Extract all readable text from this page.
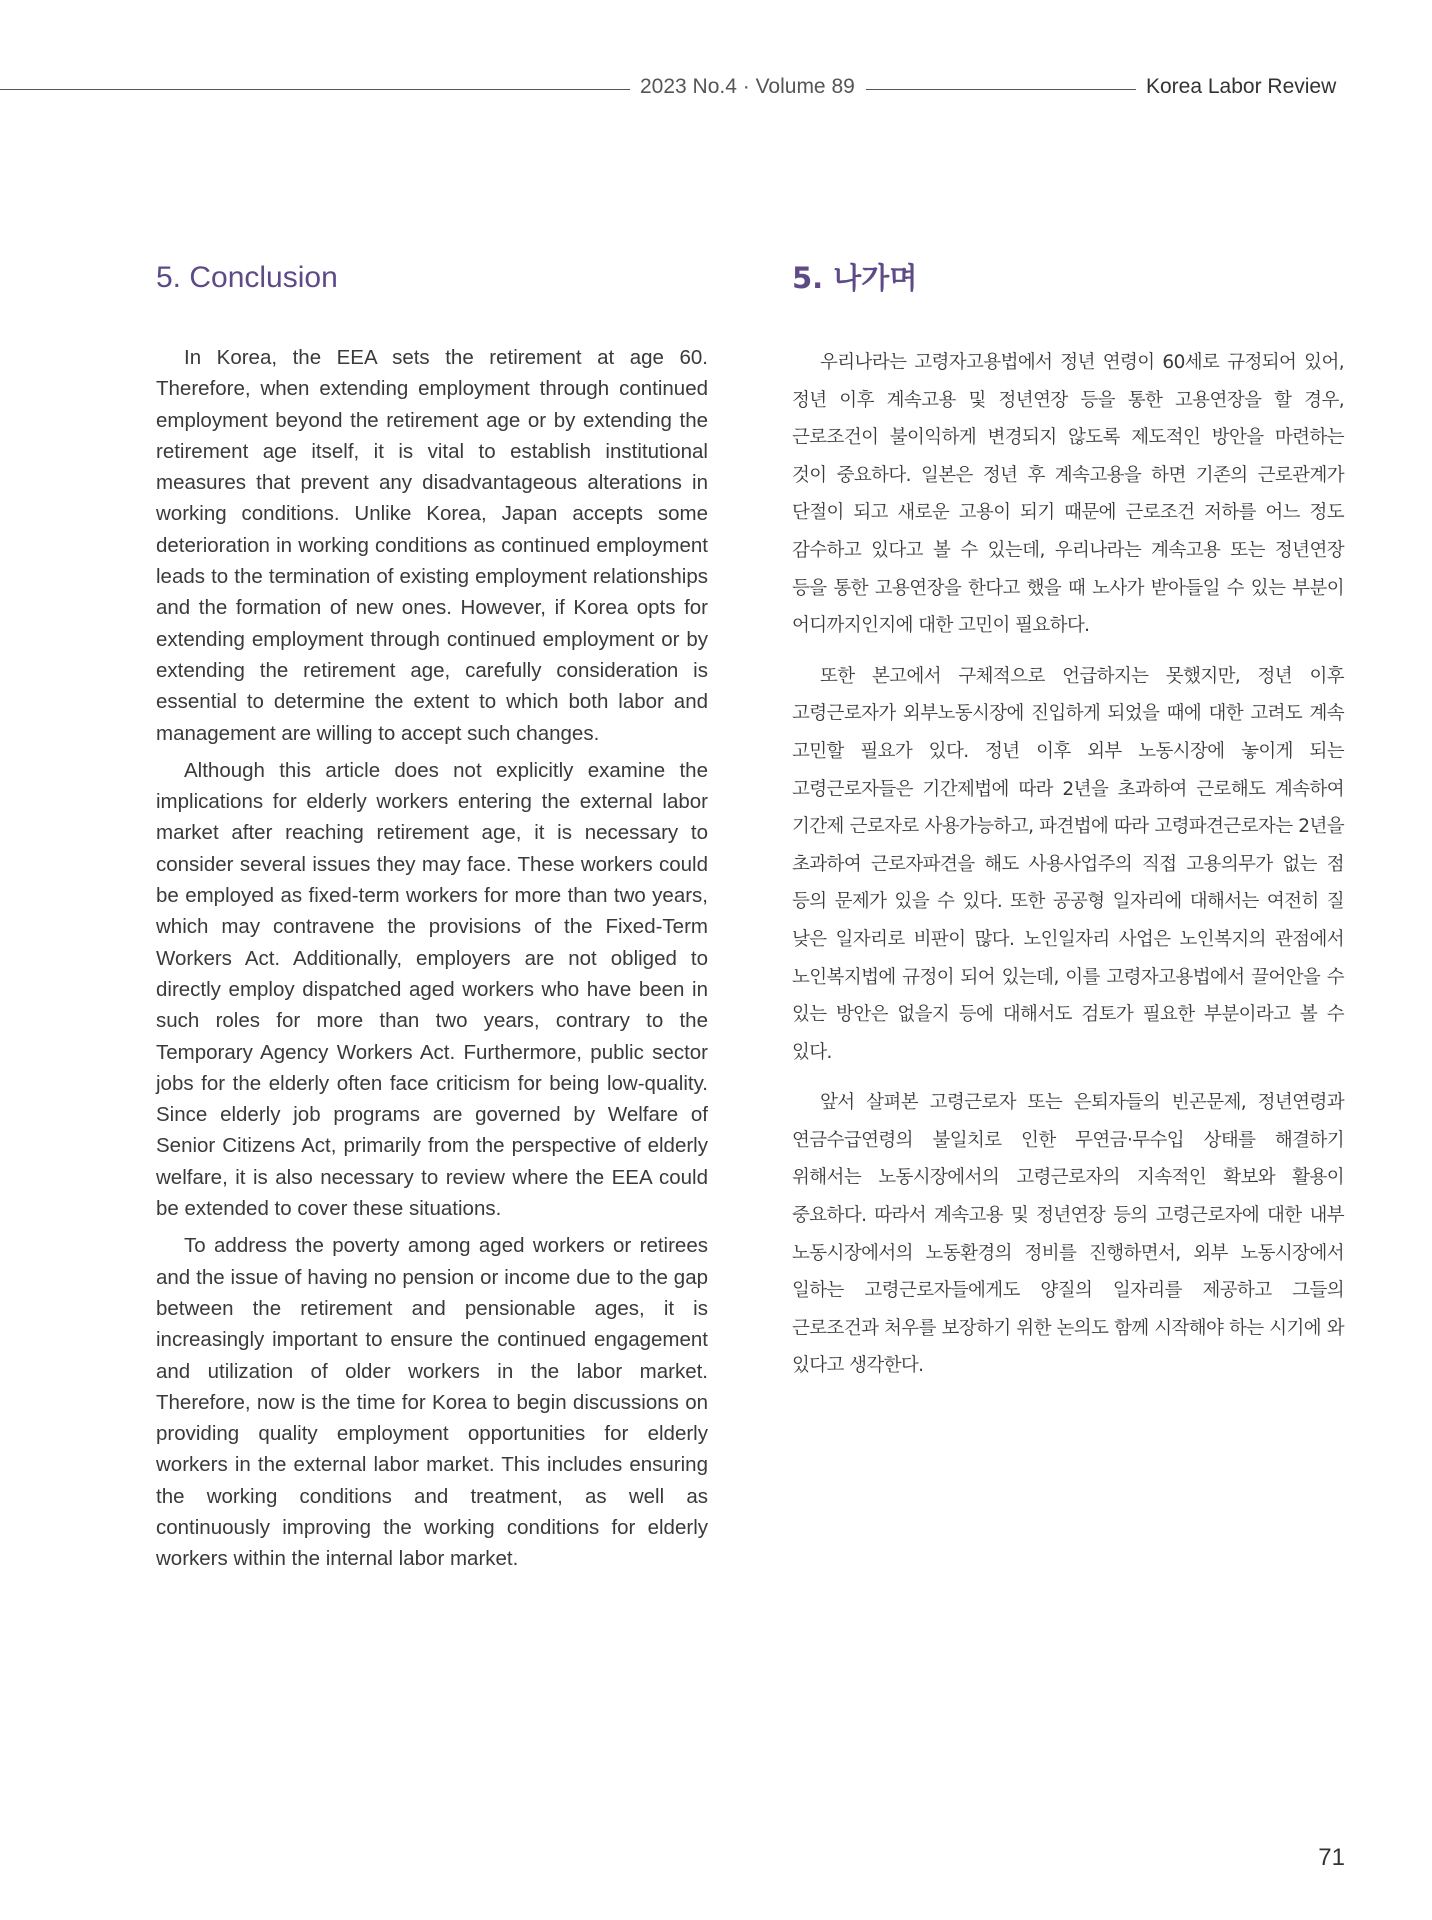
2023 No.4 · Volume 89	Korea Labor Review
5. Conclusion

In Korea, the EEA sets the retirement at age 60. Therefore, when extending employment through continued employment beyond the retirement age or by extending the retirement age itself, it is vital to establish institutional measures that prevent any disadvantageous alterations in working conditions. Unlike Korea, Japan accepts some deterioration in working conditions as continued employment leads to the termination of existing employment relationships and the formation of new ones. However, if Korea opts for extending employment through continued employment or by extending the retirement age, carefully consideration is essential to determine the extent to which both labor and management are willing to accept such changes.

Although this article does not explicitly examine the implications for elderly workers entering the external labor market after reaching retirement age, it is necessary to consider several issues they may face. These workers could be employed as fixed-term workers for more than two years, which may contravene the provisions of the Fixed-Term Workers Act. Additionally, employers are not obliged to directly employ dispatched aged workers who have been in such roles for more than two years, contrary to the Temporary Agency Workers Act. Furthermore, public sector jobs for the elderly often face criticism for being low-quality. Since elderly job programs are governed by Welfare of Senior Citizens Act, primarily from the perspective of elderly welfare, it is also necessary to review where the EEA could be extended to cover these situations.

To address the poverty among aged workers or retirees and the issue of having no pension or income due to the gap between the retirement and pensionable ages, it is increasingly important to ensure the continued engagement and utilization of older workers in the labor market. Therefore, now is the time for Korea to begin discussions on providing quality employment opportunities for elderly workers in the external labor market. This includes ensuring the working conditions and treatment, as well as continuously improving the working conditions for elderly workers within the internal labor market.

5. 나가며

우리나라는 고령자고용법에서 정년 연령이 60세로 규정되어 있어, 정년 이후 계속고용 및 정년연장 등을 통한 고용연장을 할 경우, 근로조건이 불이익하게 변경되지 않도록 제도적인 방안을 마련하는 것이 중요하다. 일본은 정년 후 계속고용을 하면 기존의 근로관계가 단절이 되고 새로운 고용이 되기 때문에 근로조건 저하를 어느 정도 감수하고 있다고 볼 수 있는데, 우리나라는 계속고용 또는 정년연장 등을 통한 고용연장을 한다고 했을 때 노사가 받아들일 수 있는 부분이 어디까지인지에 대한 고민이 필요하다.

또한 본고에서 구체적으로 언급하지는 못했지만, 정년 이후 고령근로자가 외부노동시장에 진입하게 되었을 때에 대한 고려도 계속 고민할 필요가 있다. 정년 이후 외부 노동시장에 놓이게 되는 고령근로자들은 기간제법에 따라 2년을 초과하여 근로해도 계속하여 기간제 근로자로 사용가능하고, 파견법에 따라 고령파견근로자는 2년을 초과하여 근로자파견을 해도 사용사업주의 직접 고용의무가 없는 점 등의 문제가 있을 수 있다. 또한 공공형 일자리에 대해서는 여전히 질 낮은 일자리로 비판이 많다. 노인일자리 사업은 노인복지의 관점에서 노인복지법에 규정이 되어 있는데, 이를 고령자고용법에서 끌어안을 수 있는 방안은 없을지 등에 대해서도 검토가 필요한 부분이라고 볼 수 있다.

앞서 살펴본 고령근로자 또는 은퇴자들의 빈곤문제, 정년연령과 연금수급연령의 불일치로 인한 무연금·무수입 상태를 해결하기 위해서는 노동시장에서의 고령근로자의 지속적인 확보와 활용이 중요하다. 따라서 계속고용 및 정년연장 등의 고령근로자에 대한 내부 노동시장에서의 노동환경의 정비를 진행하면서, 외부 노동시장에서 일하는 고령근로자들에게도 양질의 일자리를 제공하고 그들의 근로조건과 처우를 보장하기 위한 논의도 함께 시작해야 하는 시기에 와 있다고 생각한다.

71
